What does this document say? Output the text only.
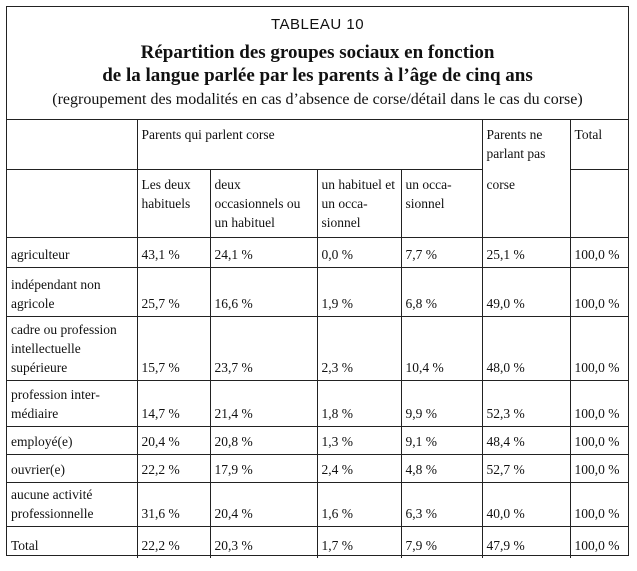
TABLEAU 10
Répartition des groupes sociaux en fonction
de la langue parlée par les parents à l’âge de cinq ans
(regroupement des modalités en cas d’absence de corse/détail dans le cas du corse)
	Parents qui parlent corse				Parents ne parlant pas	Total
	Les deux habituels	deux occasionnels ou un habituel	un habituel et un occasionnel	un occasionnel	corse	
agriculteur	43,1 %	24,1 %	0,0 %	7,7 %	25,1 %	100,0 %
indépendant non agricole	25,7 %	16,6 %	1,9 %	6,8 %	49,0 %	100,0 %
cadre ou profession intellectuelle supérieure	15,7 %	23,7 %	2,3 %	10,4 %	48,0 %	100,0 %
profession intermédiaire	14,7 %	21,4 %	1,8 %	9,9 %	52,3 %	100,0 %
employé(e)	20,4 %	20,8 %	1,3 %	9,1 %	48,4 %	100,0 %
ouvrier(e)	22,2 %	17,9 %	2,4 %	4,8 %	52,7 %	100,0 %
aucune activité professionnelle	31,6 %	20,4 %	1,6 %	6,3 %	40,0 %	100,0 %
Total	22,2 %	20,3 %	1,7 %	7,9 %	47,9 %	100,0 %
